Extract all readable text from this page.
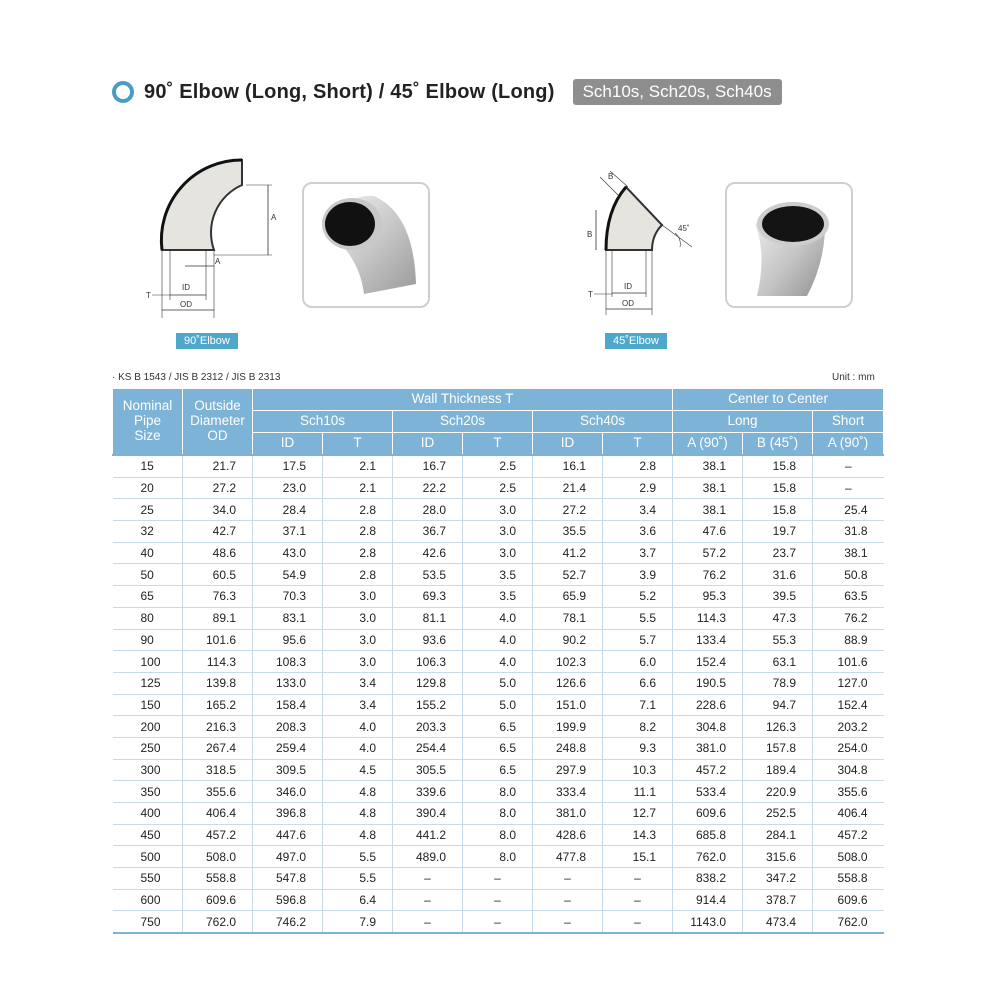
90˚ Elbow (Long, Short) / 45˚ Elbow (Long)	Sch10s, Sch20s, Sch40s
A
A
ID
OD
T
90˚Elbow
B
B
45˚
ID
OD
T
45˚Elbow
· KS B 1543 / JIS B 2312 / JIS B 2313	Unit : mm
Nominal
Pipe
Size	Outside
Diameter
OD	Wall Thickness T						Center to Center		
		Sch10s		Sch20s		Sch40s		Long		Short
		ID	T	ID	T	ID	T	A (90˚)	B (45˚)	A (90˚)
15	21.7	17.5	2.1	16.7	2.5	16.1	2.8	38.1	15.8	–
20	27.2	23.0	2.1	22.2	2.5	21.4	2.9	38.1	15.8	–
25	34.0	28.4	2.8	28.0	3.0	27.2	3.4	38.1	15.8	25.4
32	42.7	37.1	2.8	36.7	3.0	35.5	3.6	47.6	19.7	31.8
40	48.6	43.0	2.8	42.6	3.0	41.2	3.7	57.2	23.7	38.1
50	60.5	54.9	2.8	53.5	3.5	52.7	3.9	76.2	31.6	50.8
65	76.3	70.3	3.0	69.3	3.5	65.9	5.2	95.3	39.5	63.5
80	89.1	83.1	3.0	81.1	4.0	78.1	5.5	114.3	47.3	76.2
90	101.6	95.6	3.0	93.6	4.0	90.2	5.7	133.4	55.3	88.9
100	114.3	108.3	3.0	106.3	4.0	102.3	6.0	152.4	63.1	101.6
125	139.8	133.0	3.4	129.8	5.0	126.6	6.6	190.5	78.9	127.0
150	165.2	158.4	3.4	155.2	5.0	151.0	7.1	228.6	94.7	152.4
200	216.3	208.3	4.0	203.3	6.5	199.9	8.2	304.8	126.3	203.2
250	267.4	259.4	4.0	254.4	6.5	248.8	9.3	381.0	157.8	254.0
300	318.5	309.5	4.5	305.5	6.5	297.9	10.3	457.2	189.4	304.8
350	355.6	346.0	4.8	339.6	8.0	333.4	11.1	533.4	220.9	355.6
400	406.4	396.8	4.8	390.4	8.0	381.0	12.7	609.6	252.5	406.4
450	457.2	447.6	4.8	441.2	8.0	428.6	14.3	685.8	284.1	457.2
500	508.0	497.0	5.5	489.0	8.0	477.8	15.1	762.0	315.6	508.0
550	558.8	547.8	5.5	–	–	–	–	838.2	347.2	558.8
600	609.6	596.8	6.4	–	–	–	–	914.4	378.7	609.6
750	762.0	746.2	7.9	–	–	–	–	1143.0	473.4	762.0
